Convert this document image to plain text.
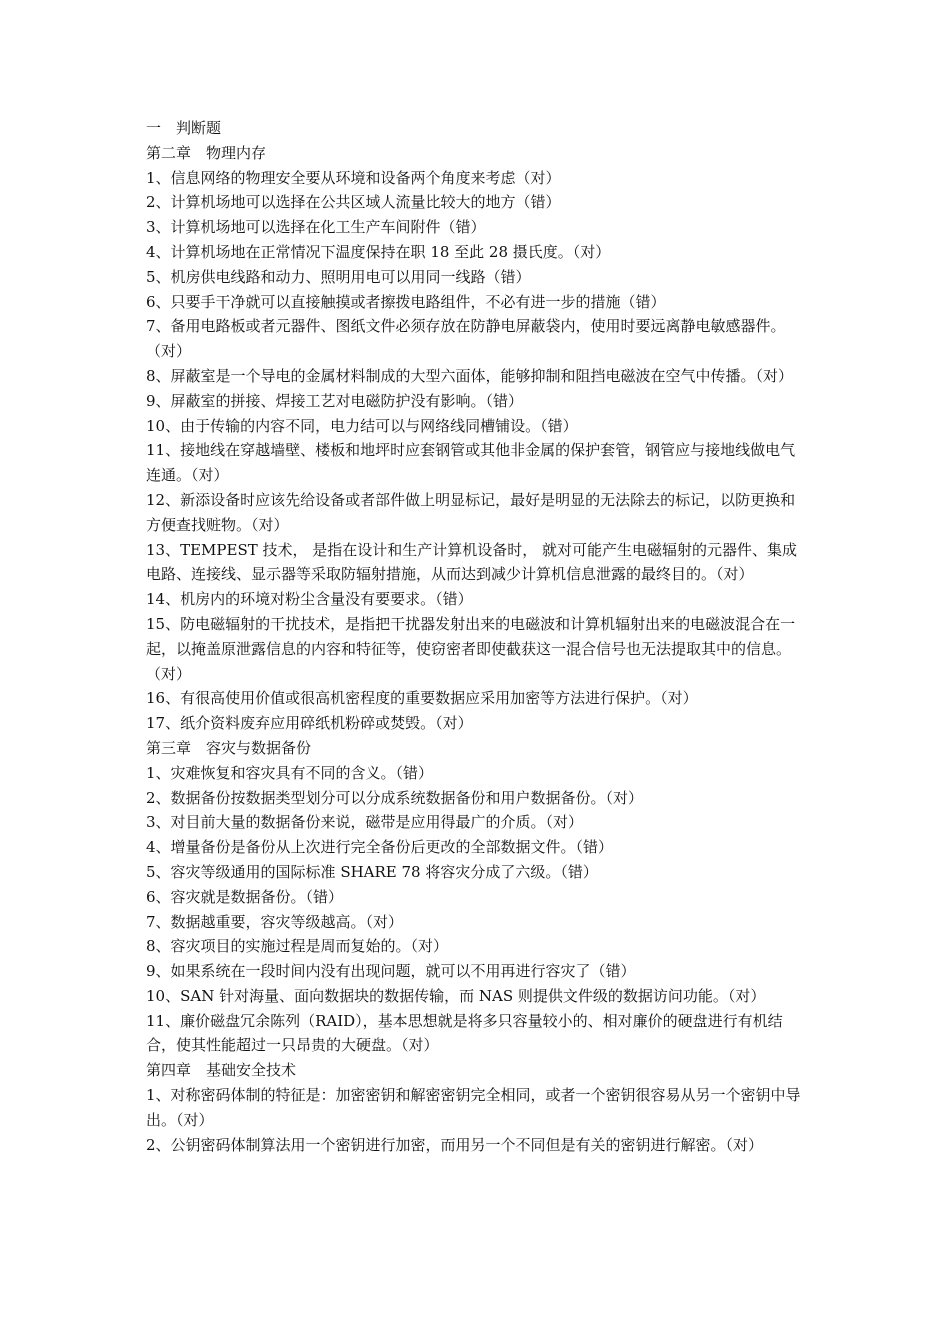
一　判断题
第二章　物理内存
1、信息网络的物理安全要从环境和设备两个角度来考虑（对）
2、计算机场地可以选择在公共区域人流量比较大的地方（错）
3、计算机场地可以选择在化工生产车间附件（错）
4、计算机场地在正常情况下温度保持在职 18 至此 28 摄氏度。（对）
5、机房供电线路和动力、照明用电可以用同一线路（错）
6、只要手干净就可以直接触摸或者擦拨电路组件，不必有进一步的措施（错）
7、备用电路板或者元器件、图纸文件必须存放在防静电屏蔽袋内，使用时要远离静电敏感器件。（对）
8、屏蔽室是一个导电的金属材料制成的大型六面体，能够抑制和阻挡电磁波在空气中传播。（对）
9、屏蔽室的拼接、焊接工艺对电磁防护没有影响。（错）
10、由于传输的内容不同，电力结可以与网络线同槽铺设。（错）
11、接地线在穿越墙壁、楼板和地坪时应套钢管或其他非金属的保护套管，钢管应与接地线做电气连通。（对）
12、新添设备时应该先给设备或者部件做上明显标记，最好是明显的无法除去的标记，以防更换和方便查找赃物。（对）
13、TEMPEST 技术， 是指在设计和生产计算机设备时， 就对可能产生电磁辐射的元器件、集成电路、连接线、显示器等采取防辐射措施，从而达到减少计算机信息泄露的最终目的。（对）
14、机房内的环境对粉尘含量没有要要求。（错）
15、防电磁辐射的干扰技术，是指把干扰器发射出来的电磁波和计算机辐射出来的电磁波混合在一起，以掩盖原泄露信息的内容和特征等，使窃密者即使截获这一混合信号也无法提取其中的信息。（对）
16、有很高使用价值或很高机密程度的重要数据应采用加密等方法进行保护。（对）
17、纸介资料废弃应用碎纸机粉碎或焚毁。（对）
第三章　容灾与数据备份
1、灾难恢复和容灾具有不同的含义。（错）
2、数据备份按数据类型划分可以分成系统数据备份和用户数据备份。（对）
3、对目前大量的数据备份来说，磁带是应用得最广的介质。（对）
4、增量备份是备份从上次进行完全备份后更改的全部数据文件。（错）
5、容灾等级通用的国际标准 SHARE 78 将容灾分成了六级。（错）
6、容灾就是数据备份。（错）
7、数据越重要，容灾等级越高。（对）
8、容灾项目的实施过程是周而复始的。（对）
9、如果系统在一段时间内没有出现问题，就可以不用再进行容灾了（错）
10、SAN 针对海量、面向数据块的数据传输，而 NAS 则提供文件级的数据访问功能。（对）
11、廉价磁盘冗余陈列（RAID），基本思想就是将多只容量较小的、相对廉价的硬盘进行有机结合，使其性能超过一只昂贵的大硬盘。（对）
第四章　基础安全技术
1、对称密码体制的特征是：加密密钥和解密密钥完全相同，或者一个密钥很容易从另一个密钥中导出。（对）
2、公钥密码体制算法用一个密钥进行加密，而用另一个不同但是有关的密钥进行解密。（对）
